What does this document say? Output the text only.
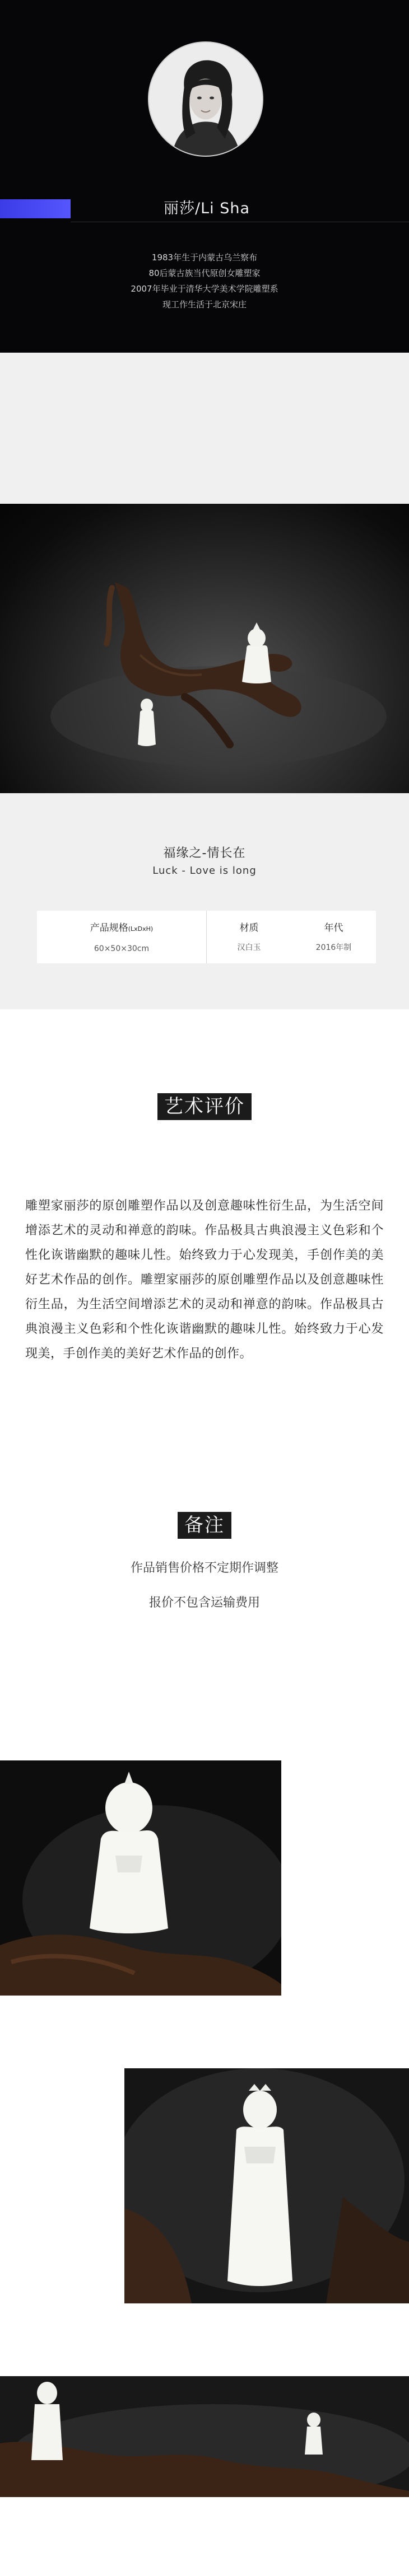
丽莎/Li Sha
1983年生于内蒙古乌兰察布
80后蒙古族当代原创女雕塑家
2007年毕业于清华大学美术学院雕塑系
现工作生活于北京宋庄
福缘之-情长在
Luck - Love is long
产品规格(LxDxH)
60×50×30cm
材质
汉白玉
年代
2016年制
艺术评价

雕塑家丽莎的原创雕塑作品以及创意趣味性衍生品，为生活空间增添艺术的灵动和禅意的韵味。作品极具古典浪漫主义色彩和个性化诙谐幽默的趣味儿性。始终致力于心发现美，手创作美的美好艺术作品的创作。雕塑家丽莎的原创雕塑作品以及创意趣味性衍生品，为生活空间增添艺术的灵动和禅意的韵味。作品极具古典浪漫主义色彩和个性化诙谐幽默的趣味儿性。始终致力于心发现美，手创作美的美好艺术作品的创作。

备注
作品销售价格不定期作调整
报价不包含运输费用
